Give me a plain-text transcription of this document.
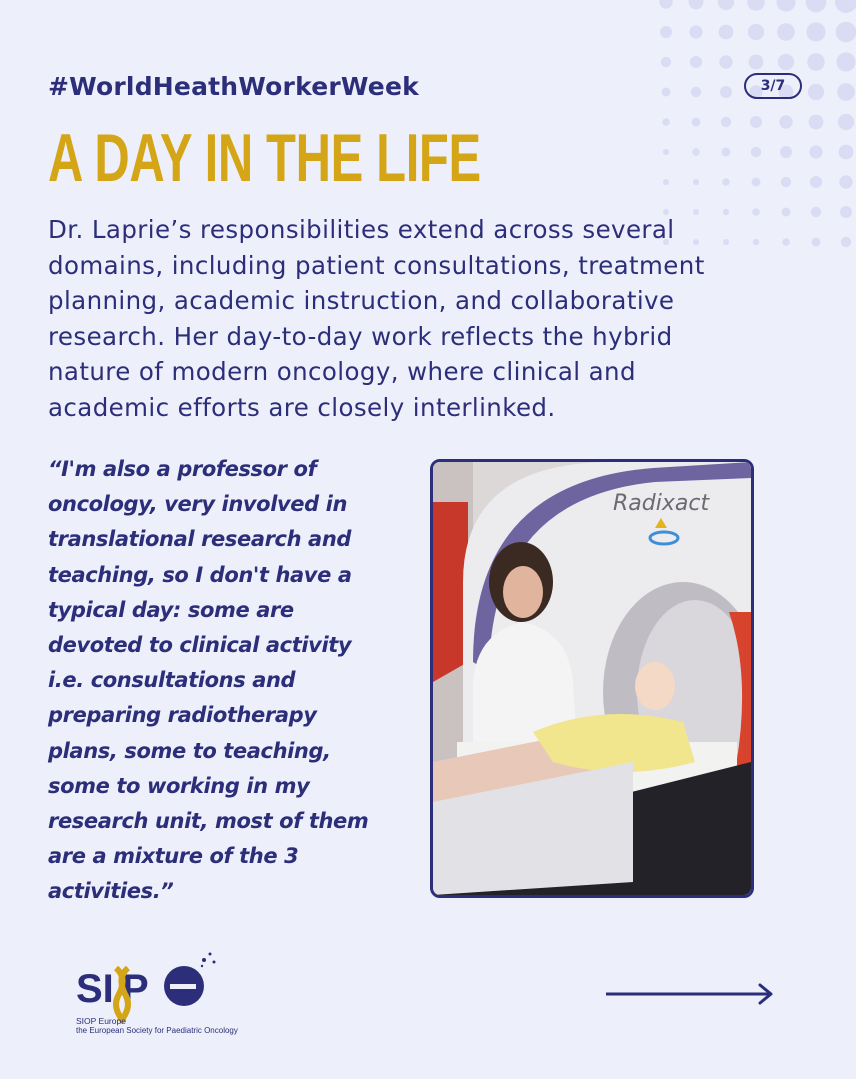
#WorldHeathWorkerWeek	3/7
A DAY IN THE LIFE
Dr. Laprie’s responsibilities extend across several
domains, including patient consultations, treatment
planning, academic instruction, and collaborative
research. Her day-to-day work reflects the hybrid
nature of modern oncology, where clinical and
academic efforts are closely interlinked.
“I'm also a professor of
oncology, very involved in
translational research and
teaching, so I don't have a
typical day: some are
devoted to clinical activity
i.e. consultations and
preparing radiotherapy
plans, some to teaching,
some to working in my
research unit, most of them
are a mixture of the 3
activities.”
Radixact
SI P
SIOP Europe
the European Society for Paediatric Oncology
